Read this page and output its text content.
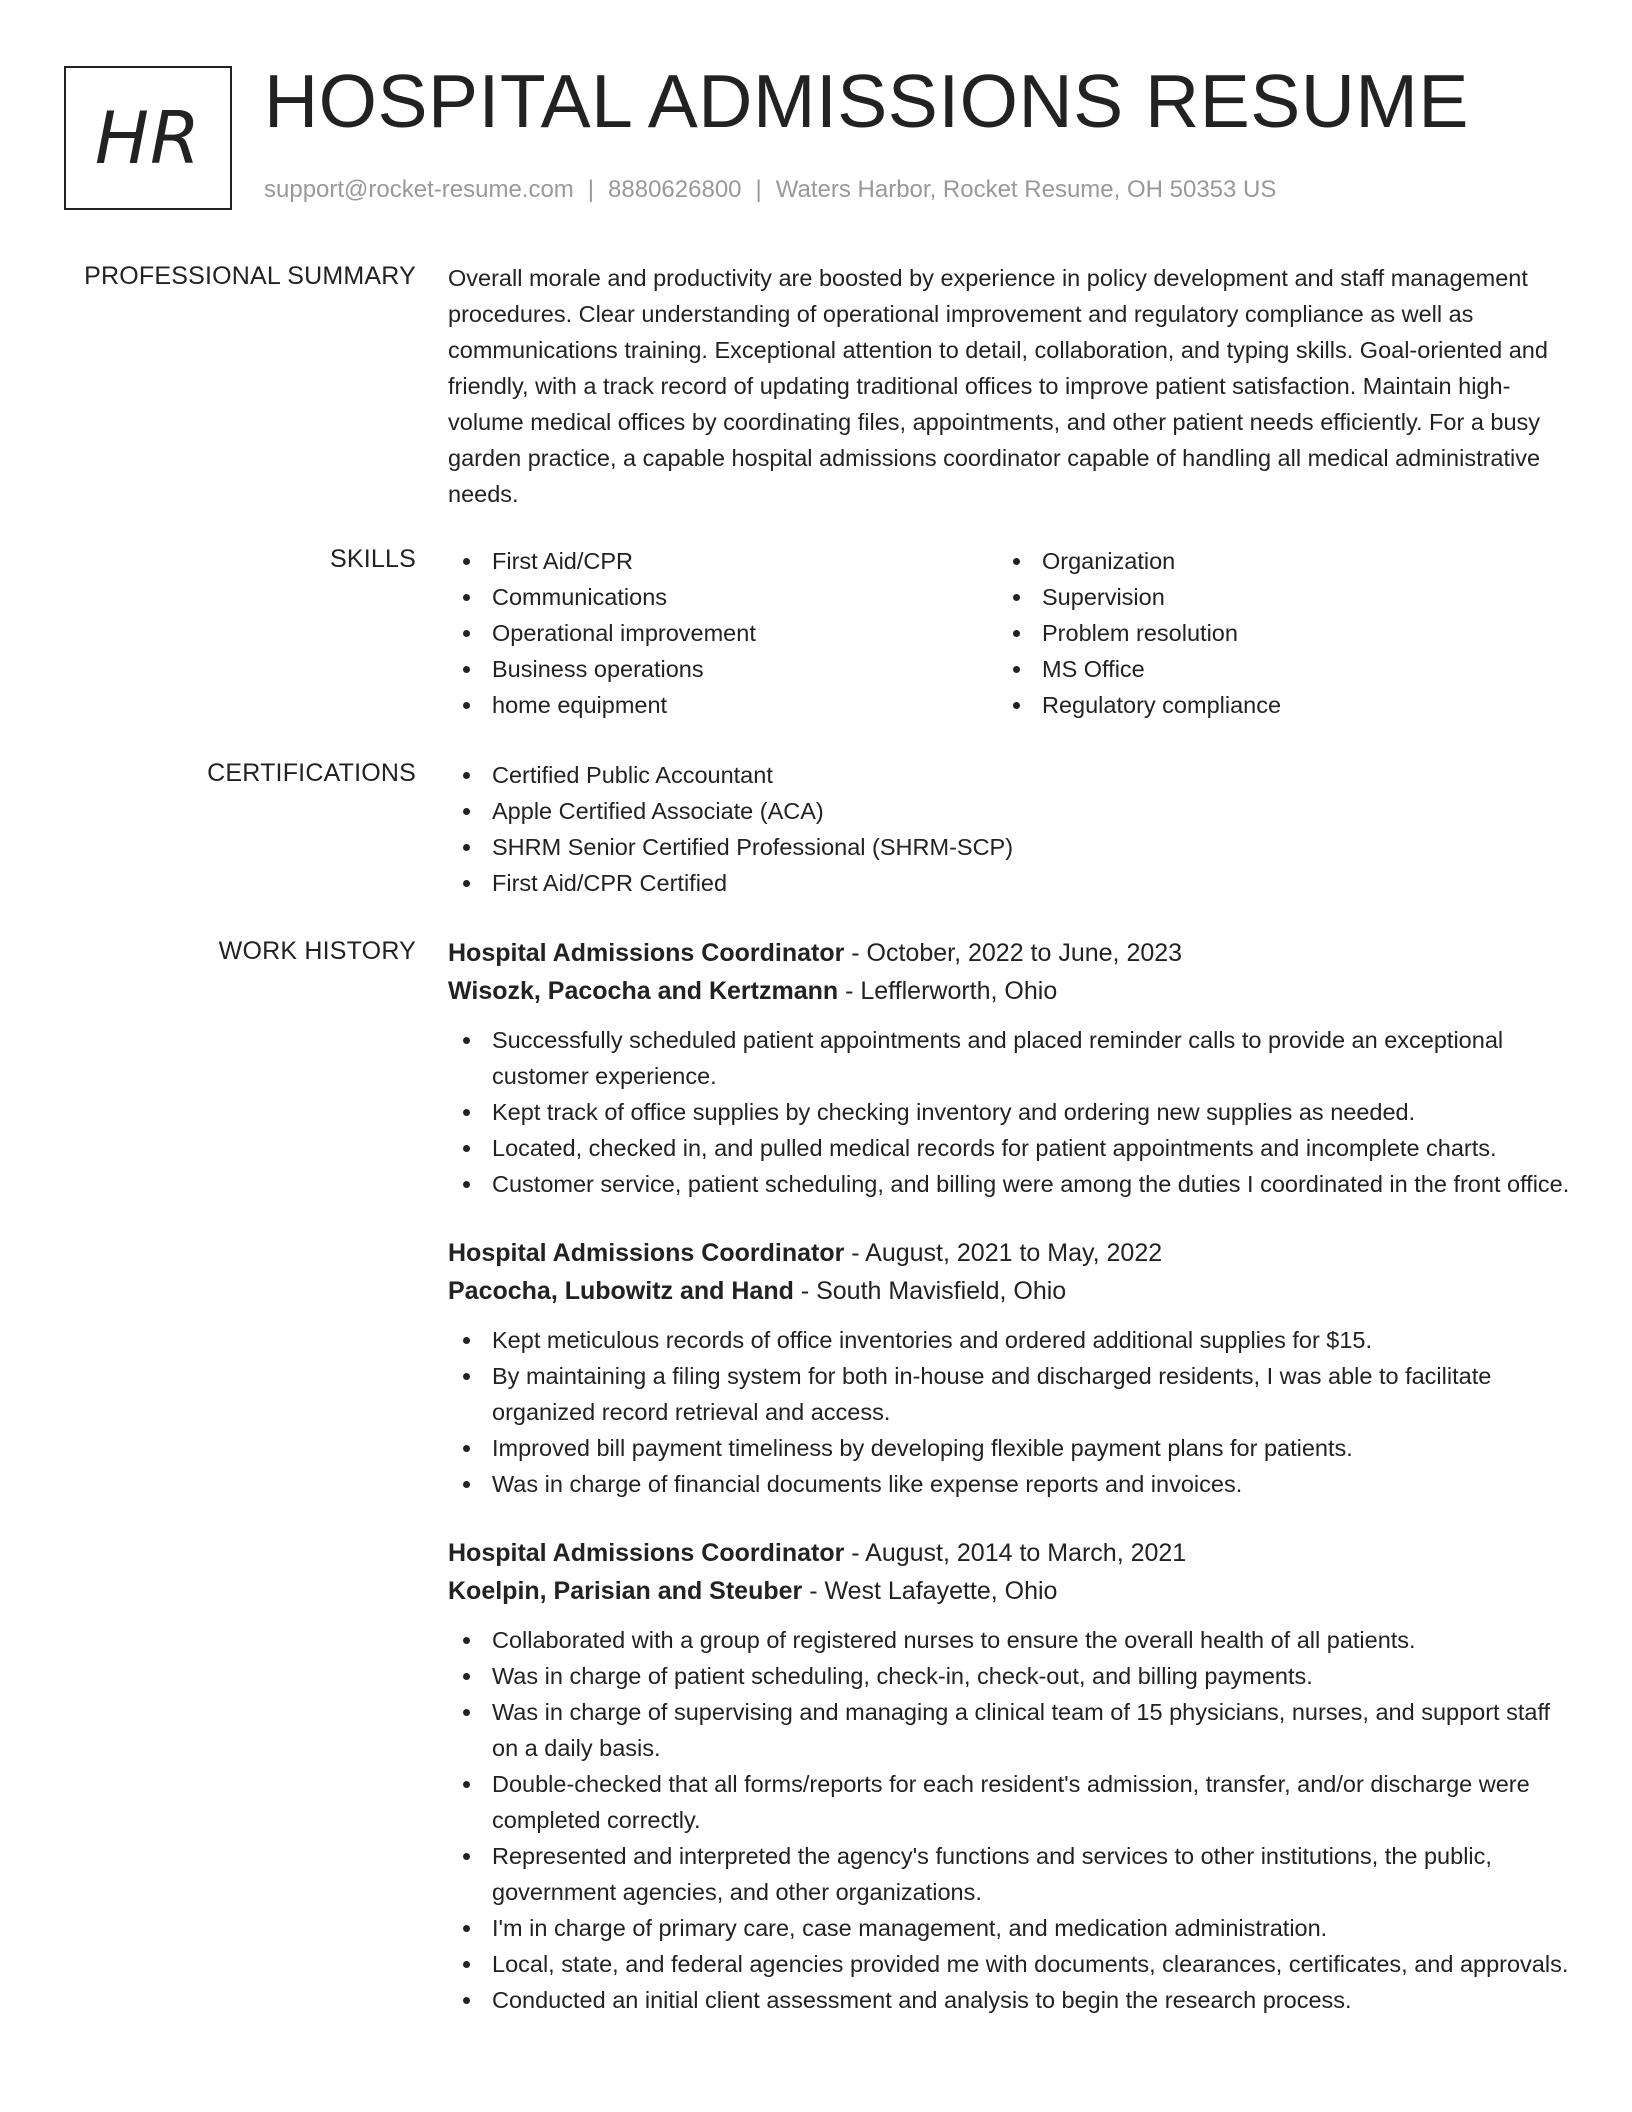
HR HOSPITAL ADMISSIONS RESUME
support@rocket-resume.com | 8880626800 | Waters Harbor, Rocket Resume, OH 50353 US
PROFESSIONAL SUMMARY Overall morale and productivity are boosted by experience in policy development and staff management procedures. Clear understanding of operational improvement and regulatory compliance as well as communications training. Exceptional attention to detail, collaboration, and typing skills. Goal-oriented and friendly, with a track record of updating traditional offices to improve patient satisfaction. Maintain high-volume medical offices by coordinating files, appointments, and other patient needs efficiently. For a busy garden practice, a capable hospital admissions coordinator capable of handling all medical administrative needs.
SKILLS	First Aid/CPR
Communications
Operational improvement
Business operations
home equipment
Organization
Supervision
Problem resolution
MS Office
Regulatory compliance
CERTIFICATIONS	Certified Public Accountant
Apple Certified Associate (ACA)
SHRM Senior Certified Professional (SHRM-SCP)
First Aid/CPR Certified
WORK HISTORY Hospital Admissions Coordinator - October, 2022 to June, 2023
Wisozk, Pacocha and Kertzmann - Lefflerworth, Ohio
Successfully scheduled patient appointments and placed reminder calls to provide an exceptional customer experience.
Kept track of office supplies by checking inventory and ordering new supplies as needed.
Located, checked in, and pulled medical records for patient appointments and incomplete charts.
Customer service, patient scheduling, and billing were among the duties I coordinated in the front office.
Hospital Admissions Coordinator - August, 2021 to May, 2022
Pacocha, Lubowitz and Hand - South Mavisfield, Ohio
Kept meticulous records of office inventories and ordered additional supplies for $15.
By maintaining a filing system for both in-house and discharged residents, I was able to facilitate organized record retrieval and access.
Improved bill payment timeliness by developing flexible payment plans for patients.
Was in charge of financial documents like expense reports and invoices.
Hospital Admissions Coordinator - August, 2014 to March, 2021
Koelpin, Parisian and Steuber - West Lafayette, Ohio
Collaborated with a group of registered nurses to ensure the overall health of all patients.
Was in charge of patient scheduling, check-in, check-out, and billing payments.
Was in charge of supervising and managing a clinical team of 15 physicians, nurses, and support staff on a daily basis.
Double-checked that all forms/reports for each resident's admission, transfer, and/or discharge were completed correctly.
Represented and interpreted the agency's functions and services to other institutions, the public, government agencies, and other organizations.
I'm in charge of primary care, case management, and medication administration.
Local, state, and federal agencies provided me with documents, clearances, certificates, and approvals.
Conducted an initial client assessment and analysis to begin the research process.
